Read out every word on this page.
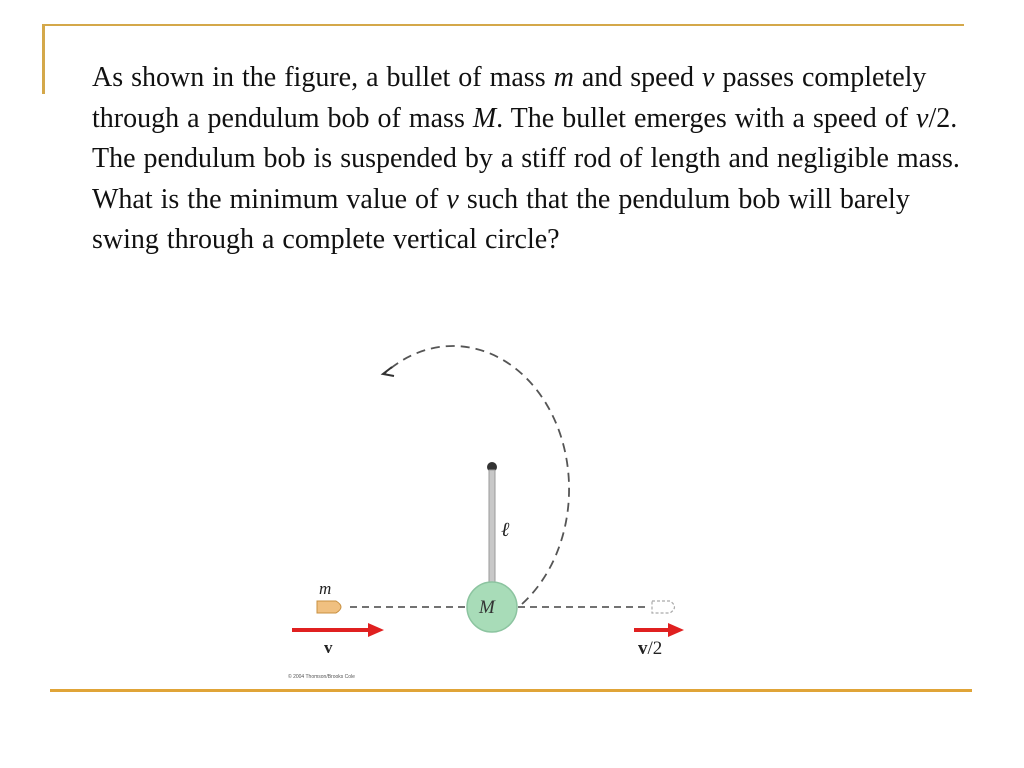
As shown in the figure, a bullet of mass m and speed v passes completely through a pendulum bob of mass M. The bullet emerges with a speed of v/2. The pendulum bob is suspended by a stiff rod of length and negligible mass. What is the minimum value of v such that the pendulum bob will barely swing through a complete vertical circle?
m
M
ℓ
v	v/2
© 2004 Thomson/Brooks Cole
